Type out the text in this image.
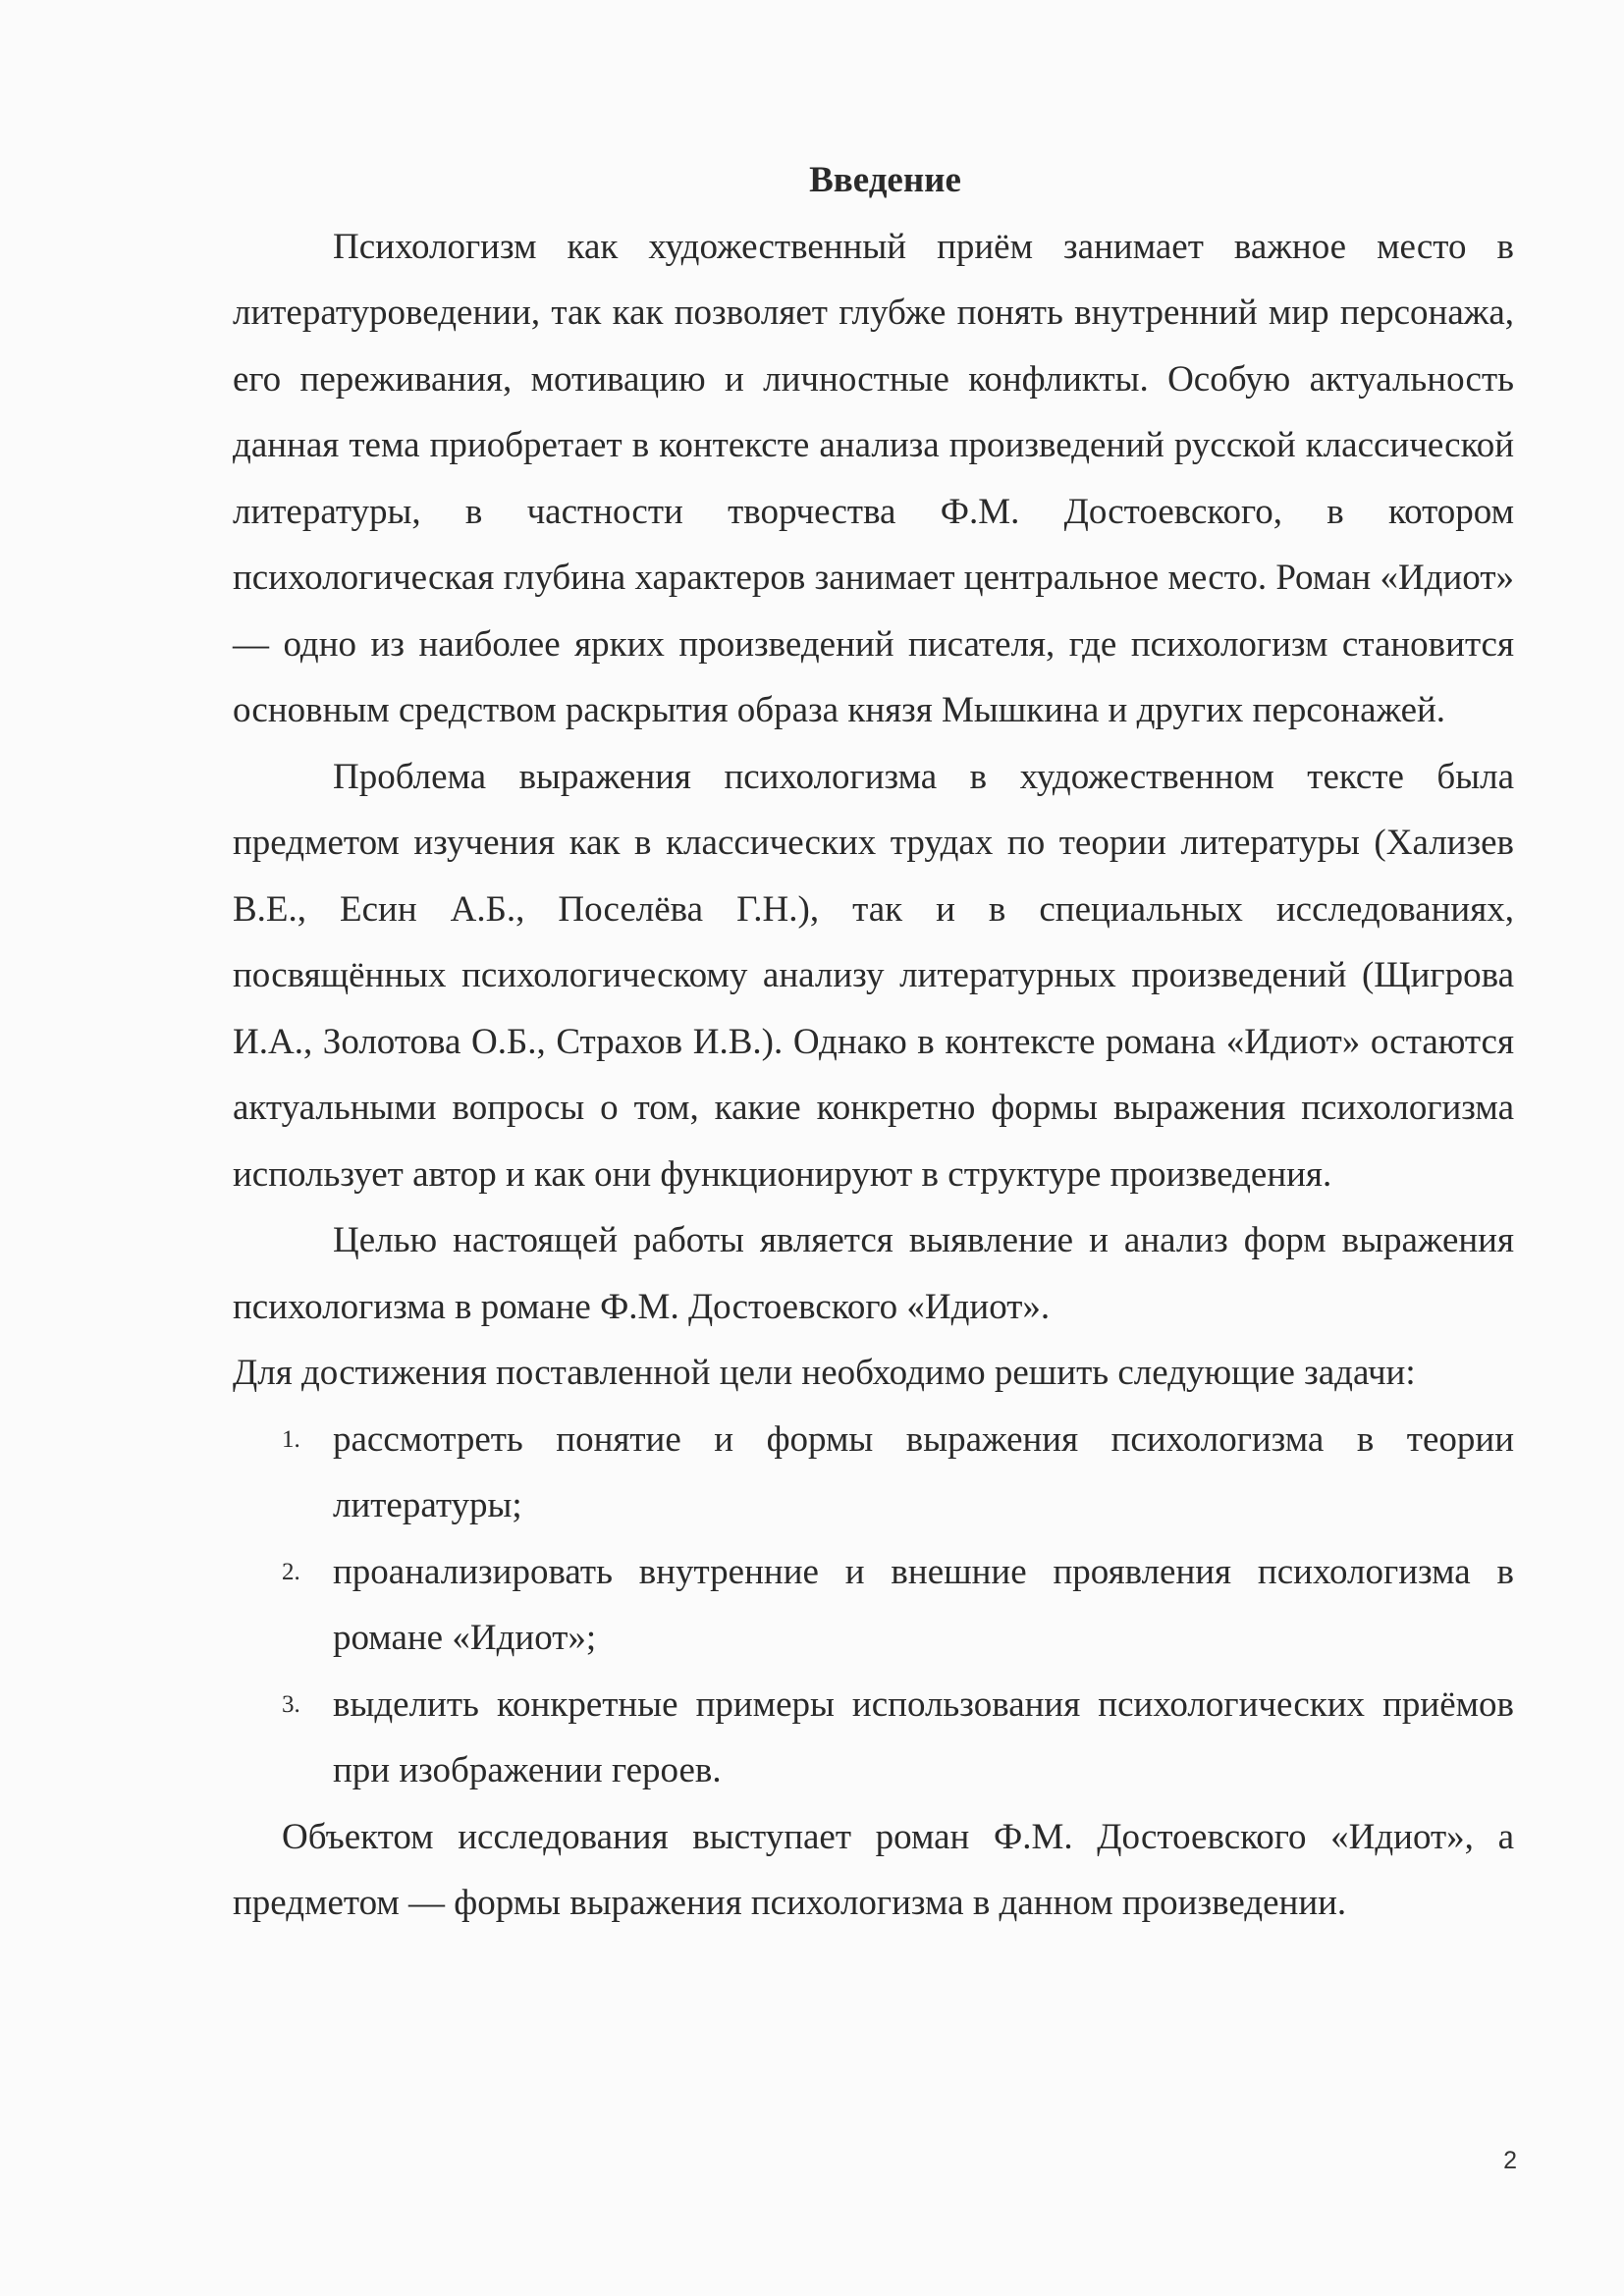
Введение

Психологизм как художественный приём занимает важное место в литературоведении, так как позволяет глубже понять внутренний мир персонажа, его переживания, мотивацию и личностные конфликты. Особую актуальность данная тема приобретает в контексте анализа произведений русской классической литературы, в частности творчества Ф.М. Достоевского, в котором психологическая глубина характеров занимает центральное место. Роман «Идиот» — одно из наиболее ярких произведений писателя, где психологизм становится основным средством раскрытия образа князя Мышкина и других персонажей.

Проблема выражения психологизма в художественном тексте была предметом изучения как в классических трудах по теории литературы (Хализев В.Е., Есин А.Б., Поселёва Г.Н.), так и в специальных исследованиях, посвящённых психологическому анализу литературных произведений (Щигрова И.А., Золотова О.Б., Страхов И.В.). Однако в контексте романа «Идиот» остаются актуальными вопросы о том, какие конкретно формы выражения психологизма использует автор и как они функционируют в структуре произведения.

Целью настоящей работы является выявление и анализ форм выражения психологизма в романе Ф.М. Достоевского «Идиот».

Для достижения поставленной цели необходимо решить следующие задачи:

1. рассмотреть понятие и формы выражения психологизма в теории литературы;
2. проанализировать внутренние и внешние проявления психологизма в романе «Идиот»;
3. выделить конкретные примеры использования психологических приёмов при изображении героев.

Объектом исследования выступает роман Ф.М. Достоевского «Идиот», а предметом — формы выражения психологизма в данном произведении.

2
